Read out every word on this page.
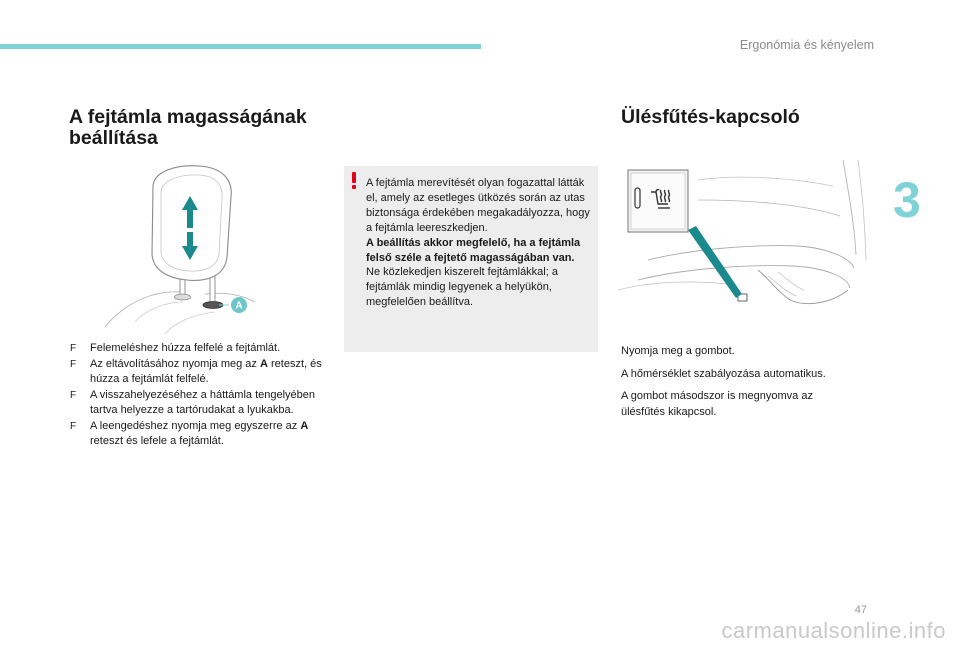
Ergonómia és kényelem
3
A fejtámla magasságának beállítása
A
F Felemeléshez húzza felfelé a fejtámlát.
F Az eltávolításához nyomja meg az A reteszt, és húzza a fejtámlát felfelé.
F A visszahelyezéséhez a háttámla tengelyében tartva helyezze a tartórudakat a lyukakba.
F A leengedéshez nyomja meg egyszerre az A reteszt és lefele a fejtámlát.

A fejtámla merevítését olyan fogazattal látták el, amely az esetleges ütközés során az utas biztonsága érdekében megakadályozza, hogy a fejtámla leereszkedjen.

A beállítás akkor megfelelő, ha a fejtámla felső széle a fejtető magasságában van.

Ne közlekedjen kiszerelt fejtámlákkal; a fejtámlák mindig legyenek a helyükön, megfelelően beállítva.

Ülésfűtés-kapcsoló

Nyomja meg a gombot.

A hőmérséklet szabályozása automatikus.

A gombot másodszor is megnyomva az ülésfűtés kikapcsol.

47
carmanualsonline.info
